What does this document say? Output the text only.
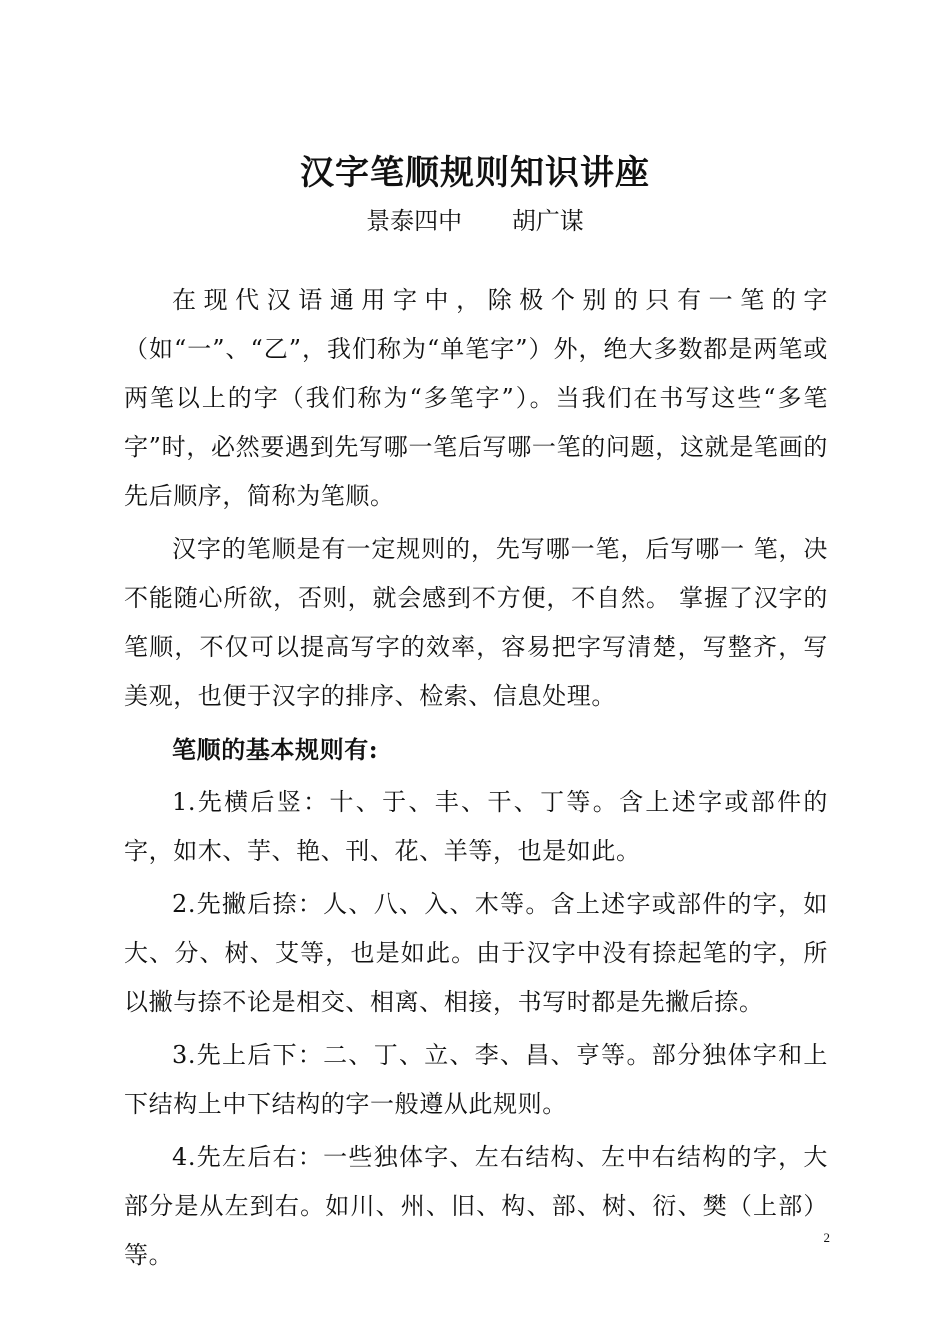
汉字笔顺规则知识讲座
景泰四中 胡广谋

在现代汉语通用字中，除极个别的只有一笔的字（如“一”、“乙”，我们称为“单笔字”）外，绝大多数都是两笔或两笔以上的字（我们称为“多笔字”）。当我们在书写这些“多笔字”时，必然要遇到先写哪一笔后写哪一笔的问题，这就是笔画的先后顺序，简称为笔顺。

汉字的笔顺是有一定规则的，先写哪一笔，后写哪一 笔，决不能随心所欲，否则，就会感到不方便，不自然。 掌握了汉字的笔顺，不仅可以提高写字的效率，容易把字写清楚，写整齐，写美观，也便于汉字的排序、检索、信息处理。

笔顺的基本规则有:

1.先横后竖：十、于、丰、干、丁等。含上述字或部件的字，如木、芋、艳、刊、花、羊等，也是如此。

2.先撇后捺：人、八、入、木等。含上述字或部件的字，如大、分、树、艾等，也是如此。由于汉字中没有捺起笔的字，所以撇与捺不论是相交、相离、相接，书写时都是先撇后捺。

3.先上后下：二、丁、立、李、昌、亨等。部分独体字和上下结构上中下结构的字一般遵从此规则。

4.先左后右：一些独体字、左右结构、左中右结构的字，大部分是从左到右。如川、州、旧、构、部、树、衍、樊（上部）等。

2
